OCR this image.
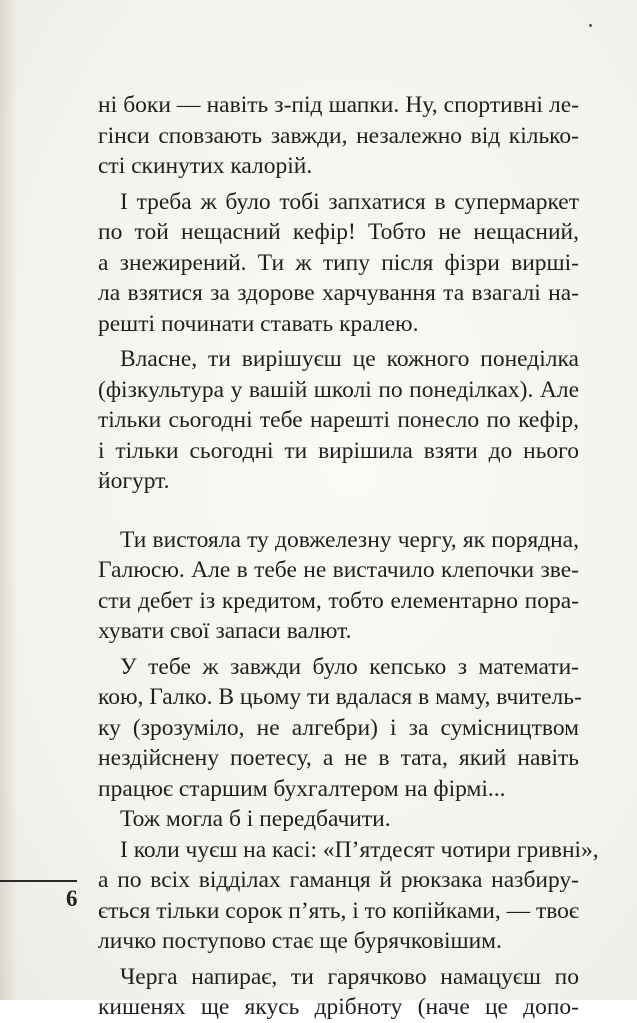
ні боки — навіть з-під шапки. Ну, спортивні ле-
гінси сповзають завжди, незалежно від кілько-
сті скинутих калорій.
І треба ж було тобі запхатися в супермаркет
по той нещасний кефір! Тобто не нещасний,
а знежирений. Ти ж типу після фізри вирші-
ла взятися за здорове харчування та взагалі на-
решті починати ставать кралею.
Власне, ти вирішуєш це кожного понеділка
(фізкультура у вашій школі по понеділках). Але
тільки сьогодні тебе нарешті понесло по кефір,
і тільки сьогодні ти вирішила взяти до нього
йогурт.
Ти вистояла ту довжелезну чергу, як порядна,
Галюсю. Але в тебе не вистачило клепочки зве-
сти дебет із кредитом, тобто елементарно пора-
хувати свої запаси валют.
У тебе ж завжди було кепсько з математи-
кою, Галко. В цьому ти вдалася в маму, вчитель-
ку (зрозуміло, не алгебри) і за сумісництвом
нездійснену поетесу, а не в тата, який навіть
працює старшим бухгалтером на фірмі...
Тож могла б і передбачити.
І коли чуєш на касі: «П’ятдесят чотири гривні»,
а по всіх відділах гаманця й рюкзака назбиру-
ється тільки сорок п’ять, і то копійками, — твоє
личко поступово стає ще бурячковішим.
Черга напирає, ти гарячково намацуєш по
кишенях ще якусь дрібноту (наче це допо-
6
